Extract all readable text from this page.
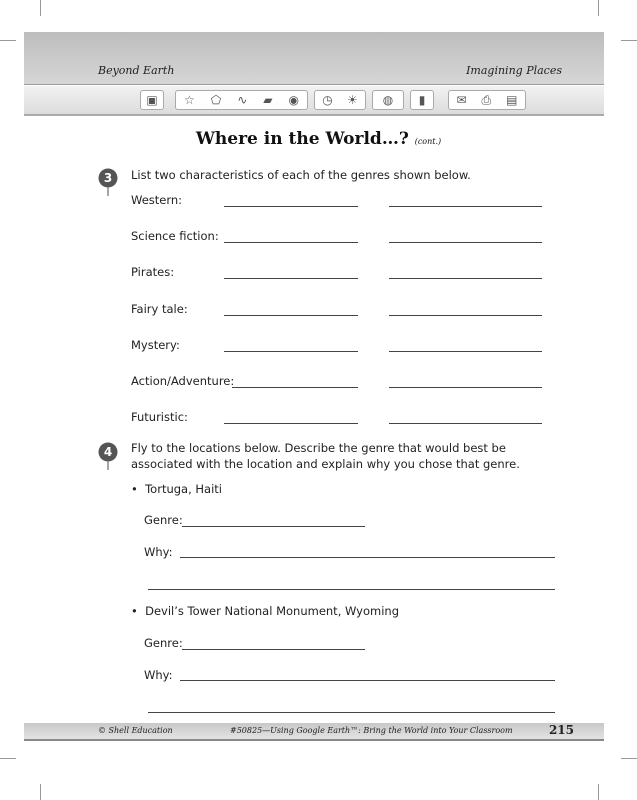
Beyond Earth	Imagining Places
▣ ☆ ⬠ ∿ ▰ ◉ ◷ ☀ ◍ ▮	✉ ⎙ ▤
Where in the World…? (cont.)
3 List two characteristics of each of the genres shown below.
Western:
Science fiction:
Pirates:
Fairy tale:
Mystery:
Action/Adventure:
Futuristic:
4 Fly to the locations below. Describe the genre that would best be associated with the location and explain why you chose that genre.
• Tortuga, Haiti
Genre:
Why:
• Devil’s Tower National Monument, Wyoming
Genre:
Why:
© Shell Education	#50825—Using Google Earth™: Bring the World into Your Classroom	215
